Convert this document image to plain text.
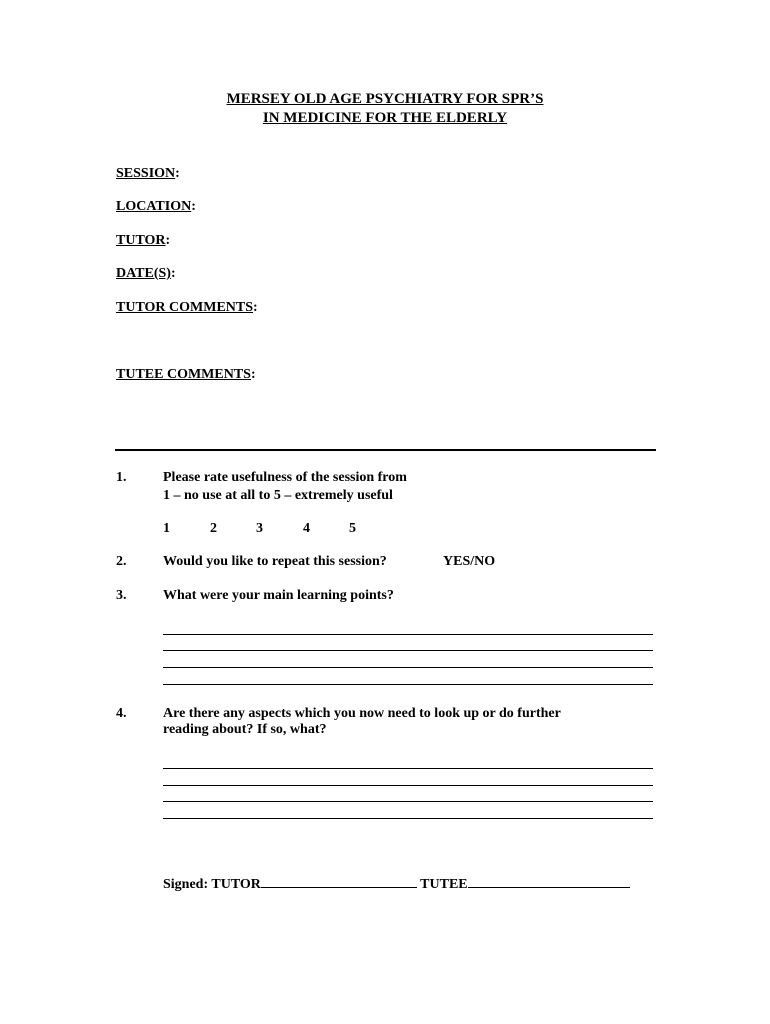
MERSEY OLD AGE PSYCHIATRY FOR SPR’S
IN MEDICINE FOR THE ELDERLY
SESSION:
LOCATION:
TUTOR:
DATE(S):
TUTOR COMMENTS:
TUTEE COMMENTS:
1.	Please rate usefulness of the session from
1 – no use at all to 5 – extremely useful
1	2	3	4	5
2.	Would you like to repeat this session?	YES/NO
3.	What were your main learning points?
4.	Are there any aspects which you now need to look up or do further
reading about? If so, what?
Signed: TUTOR	TUTEE
